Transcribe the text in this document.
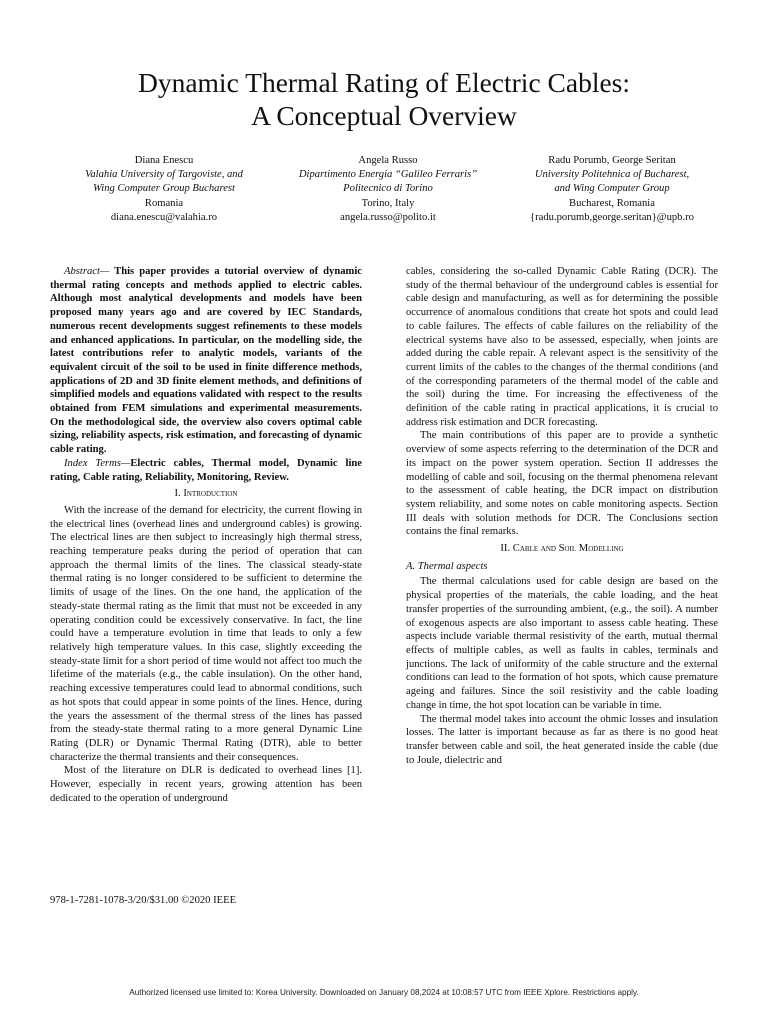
Dynamic Thermal Rating of Electric Cables:
A Conceptual Overview
Diana Enescu
Valahia University of Targoviste, and
Wing Computer Group Bucharest
Romania
diana.enescu@valahia.ro
Angela Russo
Dipartimento Energia “Galileo Ferraris”
Politecnico di Torino
Torino, Italy
angela.russo@polito.it
Radu Porumb, George Seritan
University Politehnica of Bucharest,
and Wing Computer Group
Bucharest, Romania
{radu.porumb,george.seritan}@upb.ro

Abstract— This paper provides a tutorial overview of dynamic thermal rating concepts and methods applied to electric cables. Although most analytical developments and models have been proposed many years ago and are covered by IEC Standards, numerous recent developments suggest refinements to these models and enhanced applications. In particular, on the modelling side, the latest contributions refer to analytic models, variants of the equivalent circuit of the soil to be used in finite difference methods, applications of 2D and 3D finite element methods, and definitions of simplified models and equations validated with respect to the results obtained from FEM simulations and experimental measurements. On the methodological side, the overview also covers optimal cable sizing, reliability aspects, risk estimation, and forecasting of dynamic cable rating.

Index Terms—Electric cables, Thermal model, Dynamic line rating, Cable rating, Reliability, Monitoring, Review.

I. Introduction

With the increase of the demand for electricity, the current flowing in the electrical lines (overhead lines and underground cables) is growing. The electrical lines are then subject to increasingly high thermal stress, reaching temperature peaks during the period of operation that can approach the thermal limits of the lines. The classical steady-state thermal rating is no longer considered to be sufficient to determine the limits of usage of the lines. On the one hand, the application of the steady-state thermal rating as the limit that must not be exceeded in any operating condition could be excessively conservative. In fact, the line could have a temperature evolution in time that leads to only a few relatively high temperature values. In this case, slightly exceeding the steady-state limit for a short period of time would not affect too much the lifetime of the materials (e.g., the cable insulation). On the other hand, reaching excessive temperatures could lead to abnormal conditions, such as hot spots that could appear in some points of the lines. Hence, during the years the assessment of the thermal stress of the lines has passed from the steady-state thermal rating to a more general Dynamic Line Rating (DLR) or Dynamic Thermal Rating (DTR), able to better characterize the thermal transients and their consequences.

Most of the literature on DLR is dedicated to overhead lines [1]. However, especially in recent years, growing attention has been dedicated to the operation of underground

cables, considering the so-called Dynamic Cable Rating (DCR). The study of the thermal behaviour of the underground cables is essential for cable design and manufacturing, as well as for determining the possible occurrence of anomalous conditions that create hot spots and could lead to cable failures. The effects of cable failures on the reliability of the electrical systems have also to be assessed, especially, when joints are added during the cable repair. A relevant aspect is the sensitivity of the current limits of the cables to the changes of the thermal conditions (and of the corresponding parameters of the thermal model of the cable and the soil) during the time. For increasing the effectiveness of the definition of the cable rating in practical applications, it is crucial to address risk estimation and DCR forecasting.

The main contributions of this paper are to provide a synthetic overview of some aspects referring to the determination of the DCR and its impact on the power system operation. Section II addresses the modelling of cable and soil, focusing on the thermal phenomena relevant to the assessment of cable heating, the DCR impact on distribution system reliability, and some notes on cable monitoring aspects. Section III deals with solution methods for DCR. The Conclusions section contains the final remarks.

II. Cable and Soil Modelling
A. Thermal aspects

The thermal calculations used for cable design are based on the physical properties of the materials, the cable loading, and the heat transfer properties of the surrounding ambient, (e.g., the soil). A number of exogenous aspects are also important to assess cable heating. These aspects include variable thermal resistivity of the earth, mutual thermal effects of multiple cables, as well as faults in cables, terminals and junctions. The lack of uniformity of the cable structure and the external conditions can lead to the formation of hot spots, which cause premature ageing and failures. Since the soil resistivity and the cable loading change in time, the hot spot location can be variable in time.

The thermal model takes into account the ohmic losses and insulation losses. The latter is important because as far as there is no good heat transfer between cable and soil, the heat generated inside the cable (due to Joule, dielectric and

978-1-7281-1078-3/20/$31.00 ©2020 IEEE
Authorized licensed use limited to: Korea University. Downloaded on January 08,2024 at 10:08:57 UTC from IEEE Xplore. Restrictions apply.
